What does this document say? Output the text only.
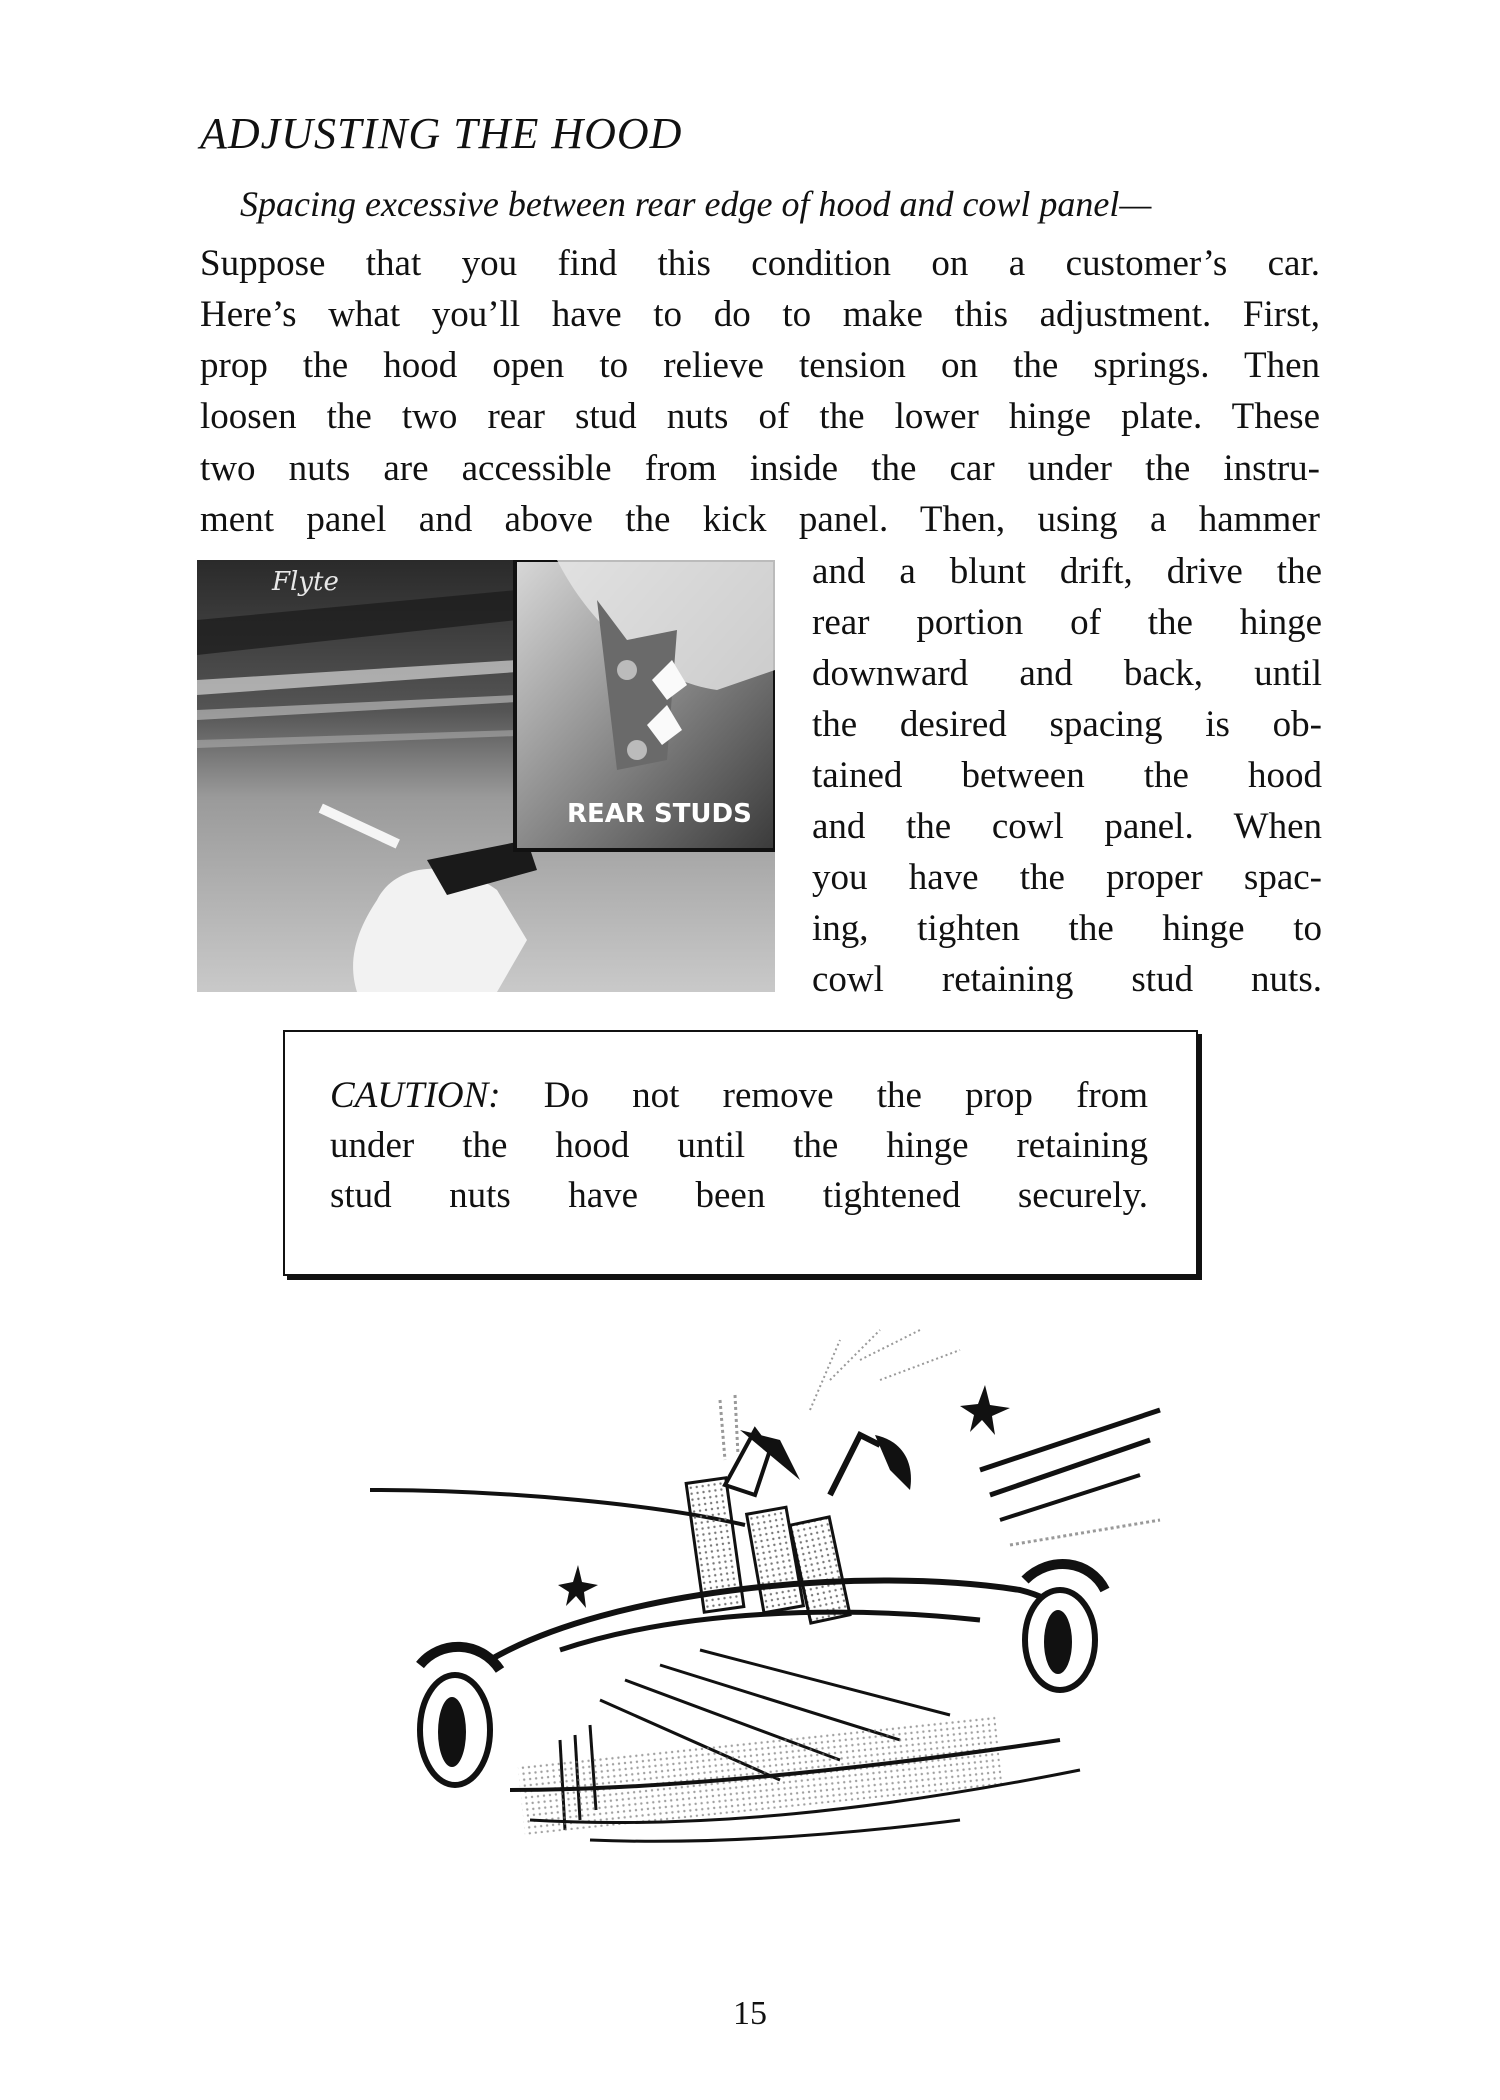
ADJUSTING THE HOOD
Spacing excessive between rear edge of hood and cowl panel—
Suppose that you find this condition on a customer’s car.
Here’s what you’ll have to do to make this adjustment. First,
prop the hood open to relieve tension on the springs. Then
loosen the two rear stud nuts of the lower hinge plate. These
two nuts are accessible from inside the car under the instru-
ment panel and above the kick panel. Then, using a hammer
and a blunt drift, drive the
rear portion of the hinge
downward and back, until
the desired spacing is ob-
tained between the hood
and the cowl panel. When
you have the proper spac-
ing, tighten the hinge to
cowl retaining stud nuts.
Flyte
REAR STUDS
CAUTION: Do not remove the prop from
under the hood until the hinge retaining
stud nuts have been tightened securely.
15
